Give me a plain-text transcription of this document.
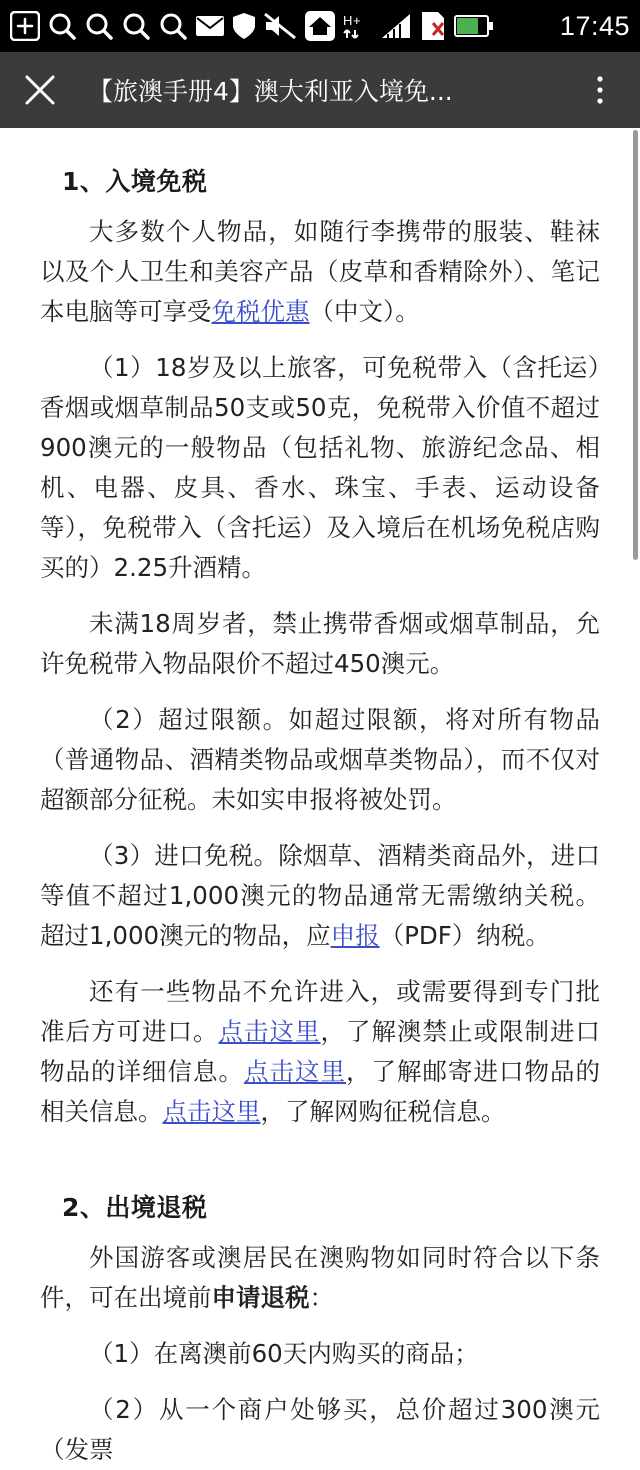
H +	17:45
【旅澳手册4】澳大利亚入境免...
1、入境免税

大多数个人物品，如随行李携带的服装、鞋袜以及个人卫生和美容产品（皮草和香精除外）、笔记本电脑等可享受免税优惠（中文）。

（1）18岁及以上旅客，可免税带入（含托运）香烟或烟草制品50支或50克，免税带入价值不超过900澳元的一般物品（包括礼物、旅游纪念品、相机、电器、皮具、香水、珠宝、手表、运动设备等），免税带入（含托运）及入境后在机场免税店购买的）2.25升酒精。

未满18周岁者，禁止携带香烟或烟草制品，允许免税带入物品限价不超过450澳元。

（2）超过限额。如超过限额，将对所有物品（普通物品、酒精类物品或烟草类物品），而不仅对超额部分征税。未如实申报将被处罚。

（3）进口免税。除烟草、酒精类商品外，进口等值不超过1,000澳元的物品通常无需缴纳关税。超过1,000澳元的物品，应申报（PDF）纳税。

还有一些物品不允许进入，或需要得到专门批准后方可进口。点击这里，了解澳禁止或限制进口物品的详细信息。点击这里，了解邮寄进口物品的相关信息。点击这里，了解网购征税信息。

2、出境退税

外国游客或澳居民在澳购物如同时符合以下条件，可在出境前申请退税：

（1）在离澳前60天内购买的商品；

（2）从一个商户处够买，总价超过300澳元（发票
